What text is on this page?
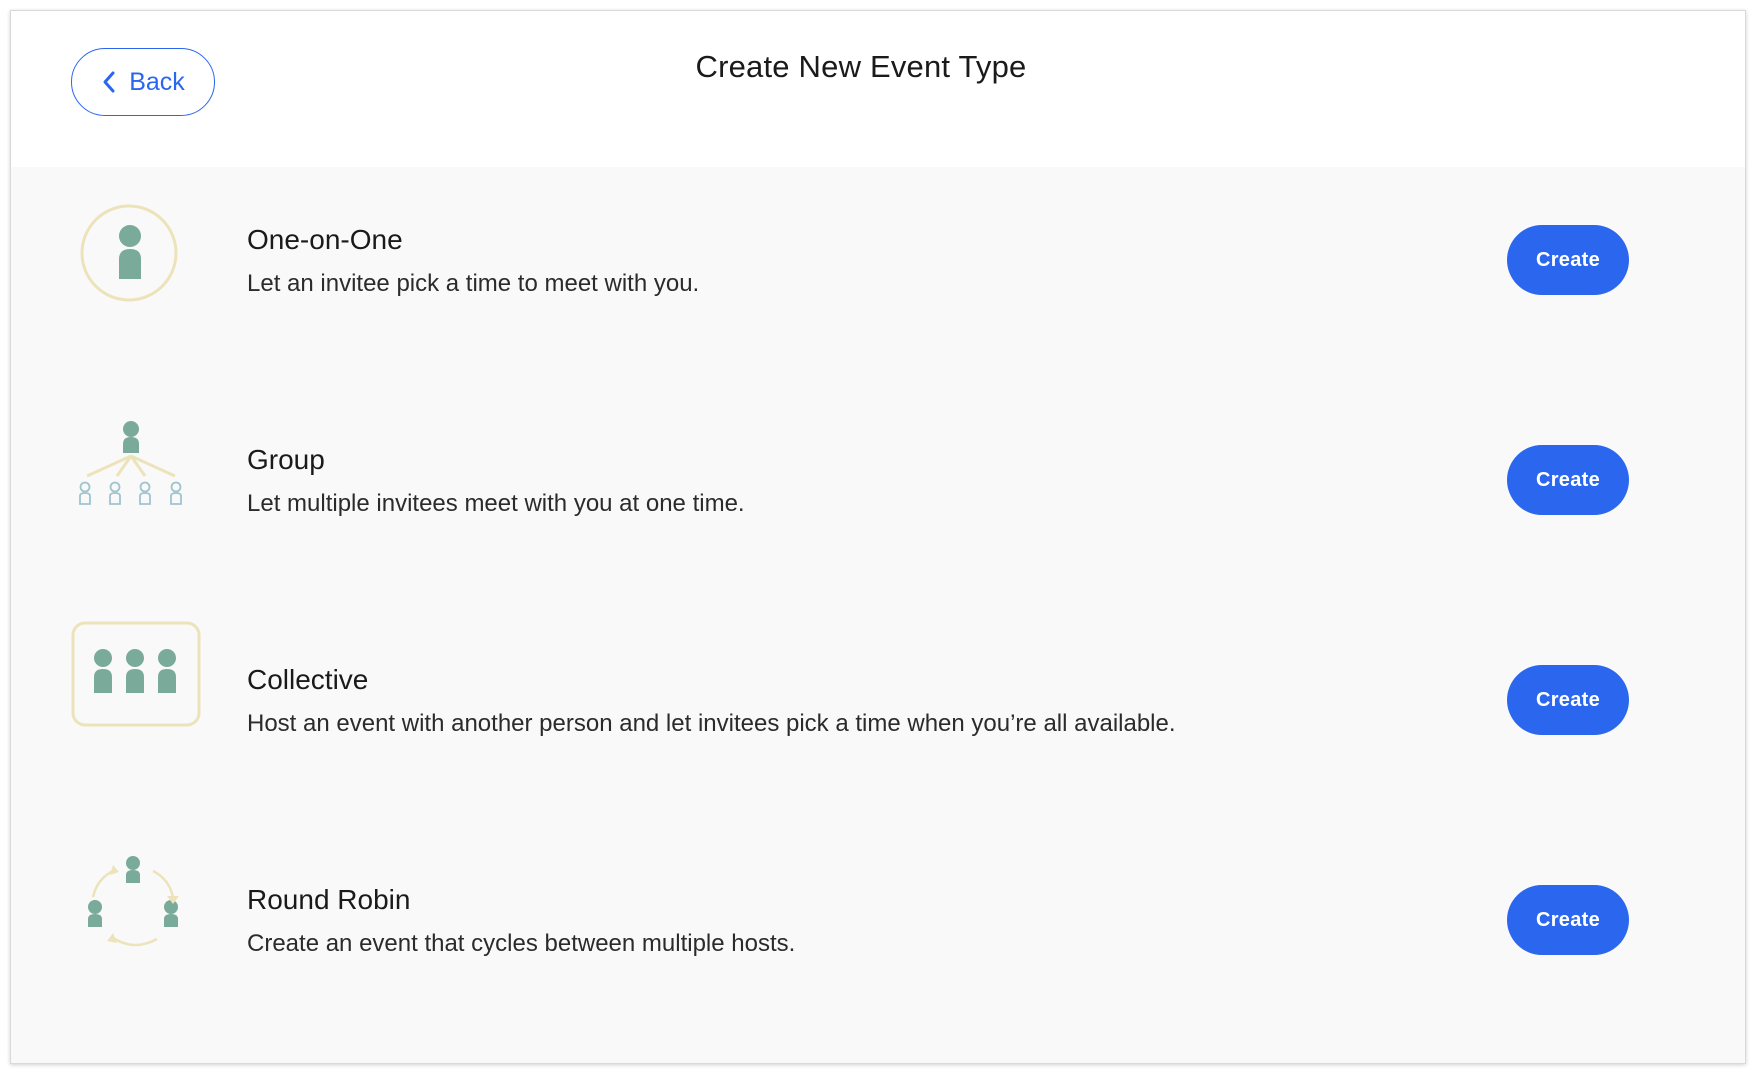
Back	Create New Event Type

One-on-One

Let an invitee pick a time to meet with you.

Create

Group

Let multiple invitees meet with you at one time.

Create

Collective

Host an event with another person and let invitees pick a time when you’re all available.

Create

Round Robin

Create an event that cycles between multiple hosts.

Create
